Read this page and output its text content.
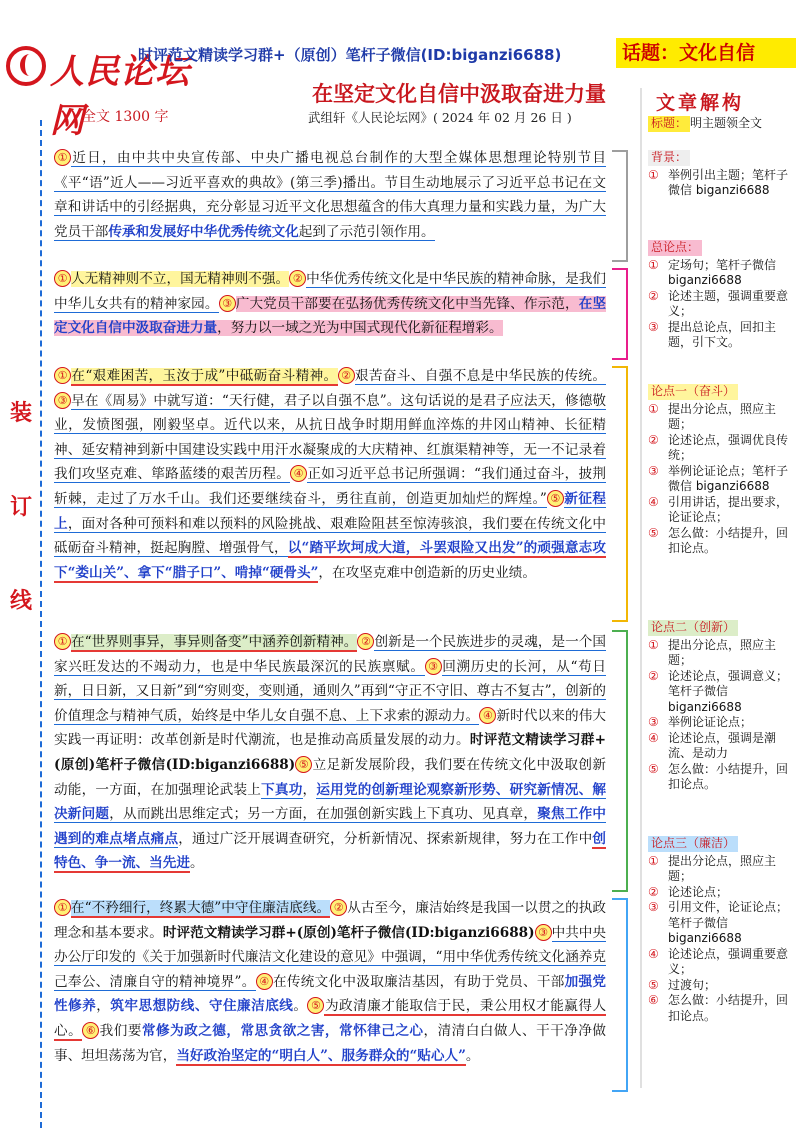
人民论坛网
时评范文精读学习群+（原创）笔杆子微信(ID:biganzi6688)	话题：文化自信
在坚定文化自信中汲取奋进力量
全文 1300 字	武组轩《人民论坛网》( 2024 年 02 月 26 日 )
装
订
线

① 近日，由中共中央宣传部、中央广播电视总台制作的大型全媒体思想理论特别节目《平“语”近人——习近平喜欢的典故》(第三季)播出。节目生动地展示了习近平总书记在文章和讲话中的引经据典，充分彰显习近平文化思想蕴含的伟大真理力量和实践力量，为广大党员干部传承和发展好中华优秀传统文化起到了示范引领作用。

① 人无精神则不立，国无精神则不强。 ② 中华优秀传统文化是中华民族的精神命脉，是我们中华儿女共有的精神家园。 ③ 广大党员干部要在弘扬优秀传统文化中当先锋、作示范，在坚定文化自信中汲取奋进力量，努力以一域之光为中国式现代化新征程增彩。

① 在“艰难困苦，玉汝于成”中砥砺奋斗精神。 ② 艰苦奋斗、自强不息是中华民族的传统。③ 早在《周易》中就写道：“天行健，君子以自强不息”。这句话说的是君子应法天，修德敬业，发愤图强，刚毅坚卓。近代以来，从抗日战争时期用鲜血淬炼的井冈山精神、长征精神、延安精神到新中国建设实践中用汗水凝聚成的大庆精神、红旗渠精神等，无一不记录着我们攻坚克难、筚路蓝缕的艰苦历程。 ④ 正如习近平总书记所强调：“我们通过奋斗，披荆斩棘，走过了万水千山。我们还要继续奋斗，勇往直前，创造更加灿烂的辉煌。” ⑤ 新征程上，面对各种可预料和难以预料的风险挑战、艰难险阻甚至惊涛骇浪，我们要在传统文化中砥砺奋斗精神，挺起胸膛、增强骨气，以“踏平坎坷成大道，斗罢艰险又出发”的顽强意志攻下“娄山关”、拿下“腊子口”、啃掉“硬骨头”，在攻坚克难中创造新的历史业绩。

① 在“世界则事异，事异则备变”中涵养创新精神。 ② 创新是一个民族进步的灵魂，是一个国家兴旺发达的不竭动力，也是中华民族最深沉的民族禀赋。 ③ 回溯历史的长河，从“苟日新，日日新，又日新”到“穷则变，变则通，通则久”再到“守正不守旧、尊古不复古”，创新的价值理念与精神气质，始终是中华儿女自强不息、上下求索的源动力。 ④ 新时代以来的伟大实践一再证明：改革创新是时代潮流，也是推动高质量发展的动力。时评范文精读学习群+(原创)笔杆子微信(ID:biganzi6688) ⑤ 立足新发展阶段，我们要在传统文化中汲取创新动能，一方面，在加强理论武装上下真功，运用党的创新理论观察新形势、研究新情况、解决新问题，从而跳出思维定式；另一方面，在加强创新实践上下真功、见真章，聚焦工作中遇到的难点堵点痛点，通过广泛开展调查研究，分析新情况、探索新规律，努力在工作中创特色、争一流、当先进。

① 在“不矜细行，终累大德”中守住廉洁底线。 ② 从古至今，廉洁始终是我国一以贯之的执政理念和基本要求。时评范文精读学习群+(原创)笔杆子微信(ID:biganzi6688) ③ 中共中央办公厅印发的《关于加强新时代廉洁文化建设的意见》中强调，“用中华优秀传统文化涵养克己奉公、清廉自守的精神境界”。 ④ 在传统文化中汲取廉洁基因，有助于党员、干部加强党性修养，筑牢思想防线、守住廉洁底线。 ⑤ 为政清廉才能取信于民，秉公用权才能赢得人心。 ⑥ 我们要常修为政之德，常思贪欲之害，常怀律己之心，清清白白做人、干干净净做事、坦坦荡荡为官，当好政治坚定的“明白人”、服务群众的“贴心人”。

文章解构
标题： 明主题领全文
背景：
① 举例引出主题；笔杆子微信 biganzi6688
总论点：
① 定场句；笔杆子微信 biganzi6688
② 论述主题，强调重要意义；
③ 提出总论点，回扣主题，引下文。
论点一（奋斗）
① 提出分论点，照应主题；
② 论述论点，强调优良传统；
③ 举例论证论点；笔杆子微信 biganzi6688
④ 引用讲话，提出要求，论证论点；
⑤ 怎么做：小结提升，回扣论点。
论点二（创新）
① 提出分论点，照应主题；
② 论述论点，强调意义；笔杆子微信 biganzi6688
③ 举例论证论点；
④ 论述论点，强调是潮流、是动力
⑤ 怎么做：小结提升，回扣论点。
论点三（廉洁）
① 提出分论点，照应主题；
② 论述论点；
③ 引用文件，论证论点；笔杆子微信 biganzi6688
④ 论述论点，强调重要意义；
⑤ 过渡句；
⑥ 怎么做：小结提升，回扣论点。
